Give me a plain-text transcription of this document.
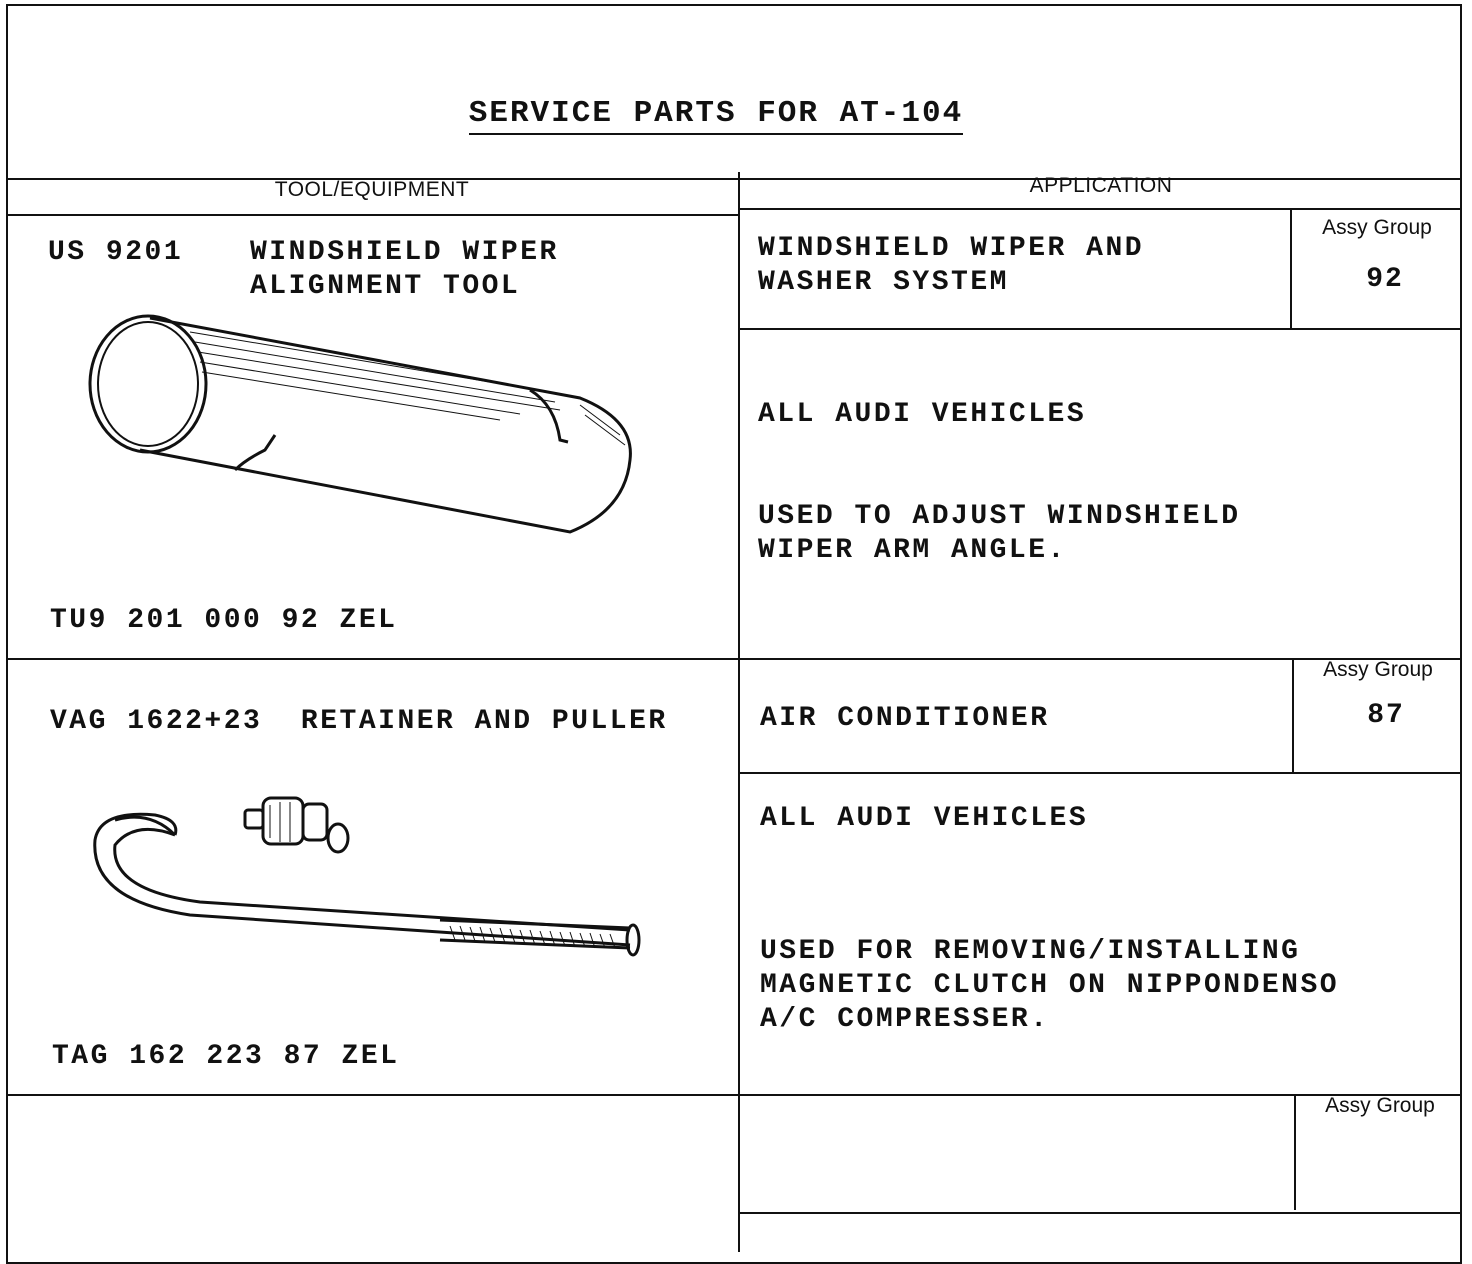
SERVICE PARTS FOR AT-104
TOOL/EQUIPMENT	APPLICATION
US 9201 WINDSHIELD WIPER
ALIGNMENT TOOL
TU9 201 000 92 ZEL
WINDSHIELD WIPER AND
WASHER SYSTEM
Assy Group
92
ALL AUDI VEHICLES
USED TO ADJUST WINDSHIELD
WIPER ARM ANGLE.
VAG 1622+23  RETAINER AND PULLER
TAG 162 223 87 ZEL
AIR CONDITIONER
Assy Group
87
ALL AUDI VEHICLES
USED FOR REMOVING/INSTALLING
MAGNETIC CLUTCH ON NIPPONDENSO
A/C COMPRESSER.
Assy Group
